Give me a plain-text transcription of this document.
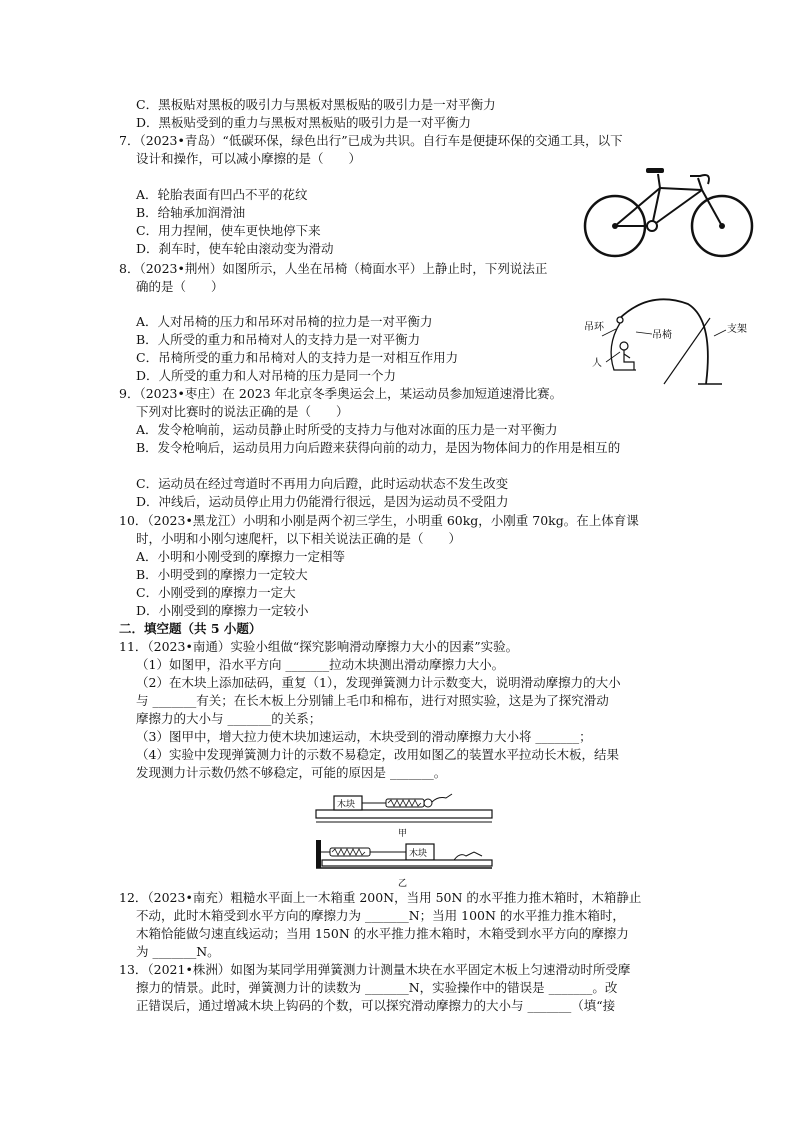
C．黑板贴对黑板的吸引力与黑板对黑板贴的吸引力是一对平衡力
D．黑板贴受到的重力与黑板对黑板贴的吸引力是一对平衡力
7．（2023•青岛）“低碳环保，绿色出行”已成为共识。自行车是便捷环保的交通工具，以下
设计和操作，可以减小摩擦的是（　　）
A．轮胎表面有凹凸不平的花纹
B．给轴承加润滑油
C．用力捏闸，使车更快地停下来
D．刹车时，使车轮由滚动变为滑动
8．（2023•荆州）如图所示，人坐在吊椅（椅面水平）上静止时，下列说法正
确的是（　　）
A．人对吊椅的压力和吊环对吊椅的拉力是一对平衡力
B．人所受的重力和吊椅对人的支持力是一对平衡力
C．吊椅所受的重力和吊椅对人的支持力是一对相互作用力
D．人所受的重力和人对吊椅的压力是同一个力
吊环
吊椅
支架
人
9．（2023•枣庄）在 2023 年北京冬季奥运会上，某运动员参加短道速滑比赛。
下列对比赛时的说法正确的是（　　）
A．发令枪响前，运动员静止时所受的支持力与他对冰面的压力是一对平衡力
B．发令枪响后，运动员用力向后蹬来获得向前的动力，是因为物体间力的作用是相互的
C．运动员在经过弯道时不再用力向后蹬，此时运动状态不发生改变
D．冲线后，运动员停止用力仍能滑行很远，是因为运动员不受阻力
10．（2023•黑龙江）小明和小刚是两个初三学生，小明重 60kg，小刚重 70kg。在上体育课
时，小明和小刚匀速爬杆，以下相关说法正确的是（　　）
A．小明和小刚受到的摩擦力一定相等
B．小明受到的摩擦力一定较大
C．小刚受到的摩擦力一定大
D．小刚受到的摩擦力一定较小
二．填空题（共 5 小题）
11．（2023•南通）实验小组做“探究影响滑动摩擦力大小的因素”实验。
（1）如图甲，沿水平方向 _______拉动木块测出滑动摩擦力大小。
（2）在木块上添加砝码，重复（1），发现弹簧测力计示数变大，说明滑动摩擦力的大小
与 _______有关；在长木板上分别铺上毛巾和棉布，进行对照实验，这是为了探究滑动
摩擦力的大小与 _______的关系；
（3）图甲中，增大拉力使木块加速运动，木块受到的滑动摩擦力大小将 _______；
（4）实验中发现弹簧测力计的示数不易稳定，改用如图乙的装置水平拉动长木板，结果
发现测力计示数仍然不够稳定，可能的原因是 _______。
木块
甲
木块
乙
12．（2023•南充）粗糙水平面上一木箱重 200N，当用 50N 的水平推力推木箱时，木箱静止
不动，此时木箱受到水平方向的摩擦力为 _______N；当用 100N 的水平推力推木箱时，
木箱恰能做匀速直线运动；当用 150N 的水平推力推木箱时，木箱受到水平方向的摩擦力
为 _______N。
13．（2021•株洲）如图为某同学用弹簧测力计测量木块在水平固定木板上匀速滑动时所受摩
擦力的情景。此时，弹簧测力计的读数为 _______N，实验操作中的错误是 _______。改
正错误后，通过增减木块上钩码的个数，可以探究滑动摩擦力的大小与 _______（填“接
